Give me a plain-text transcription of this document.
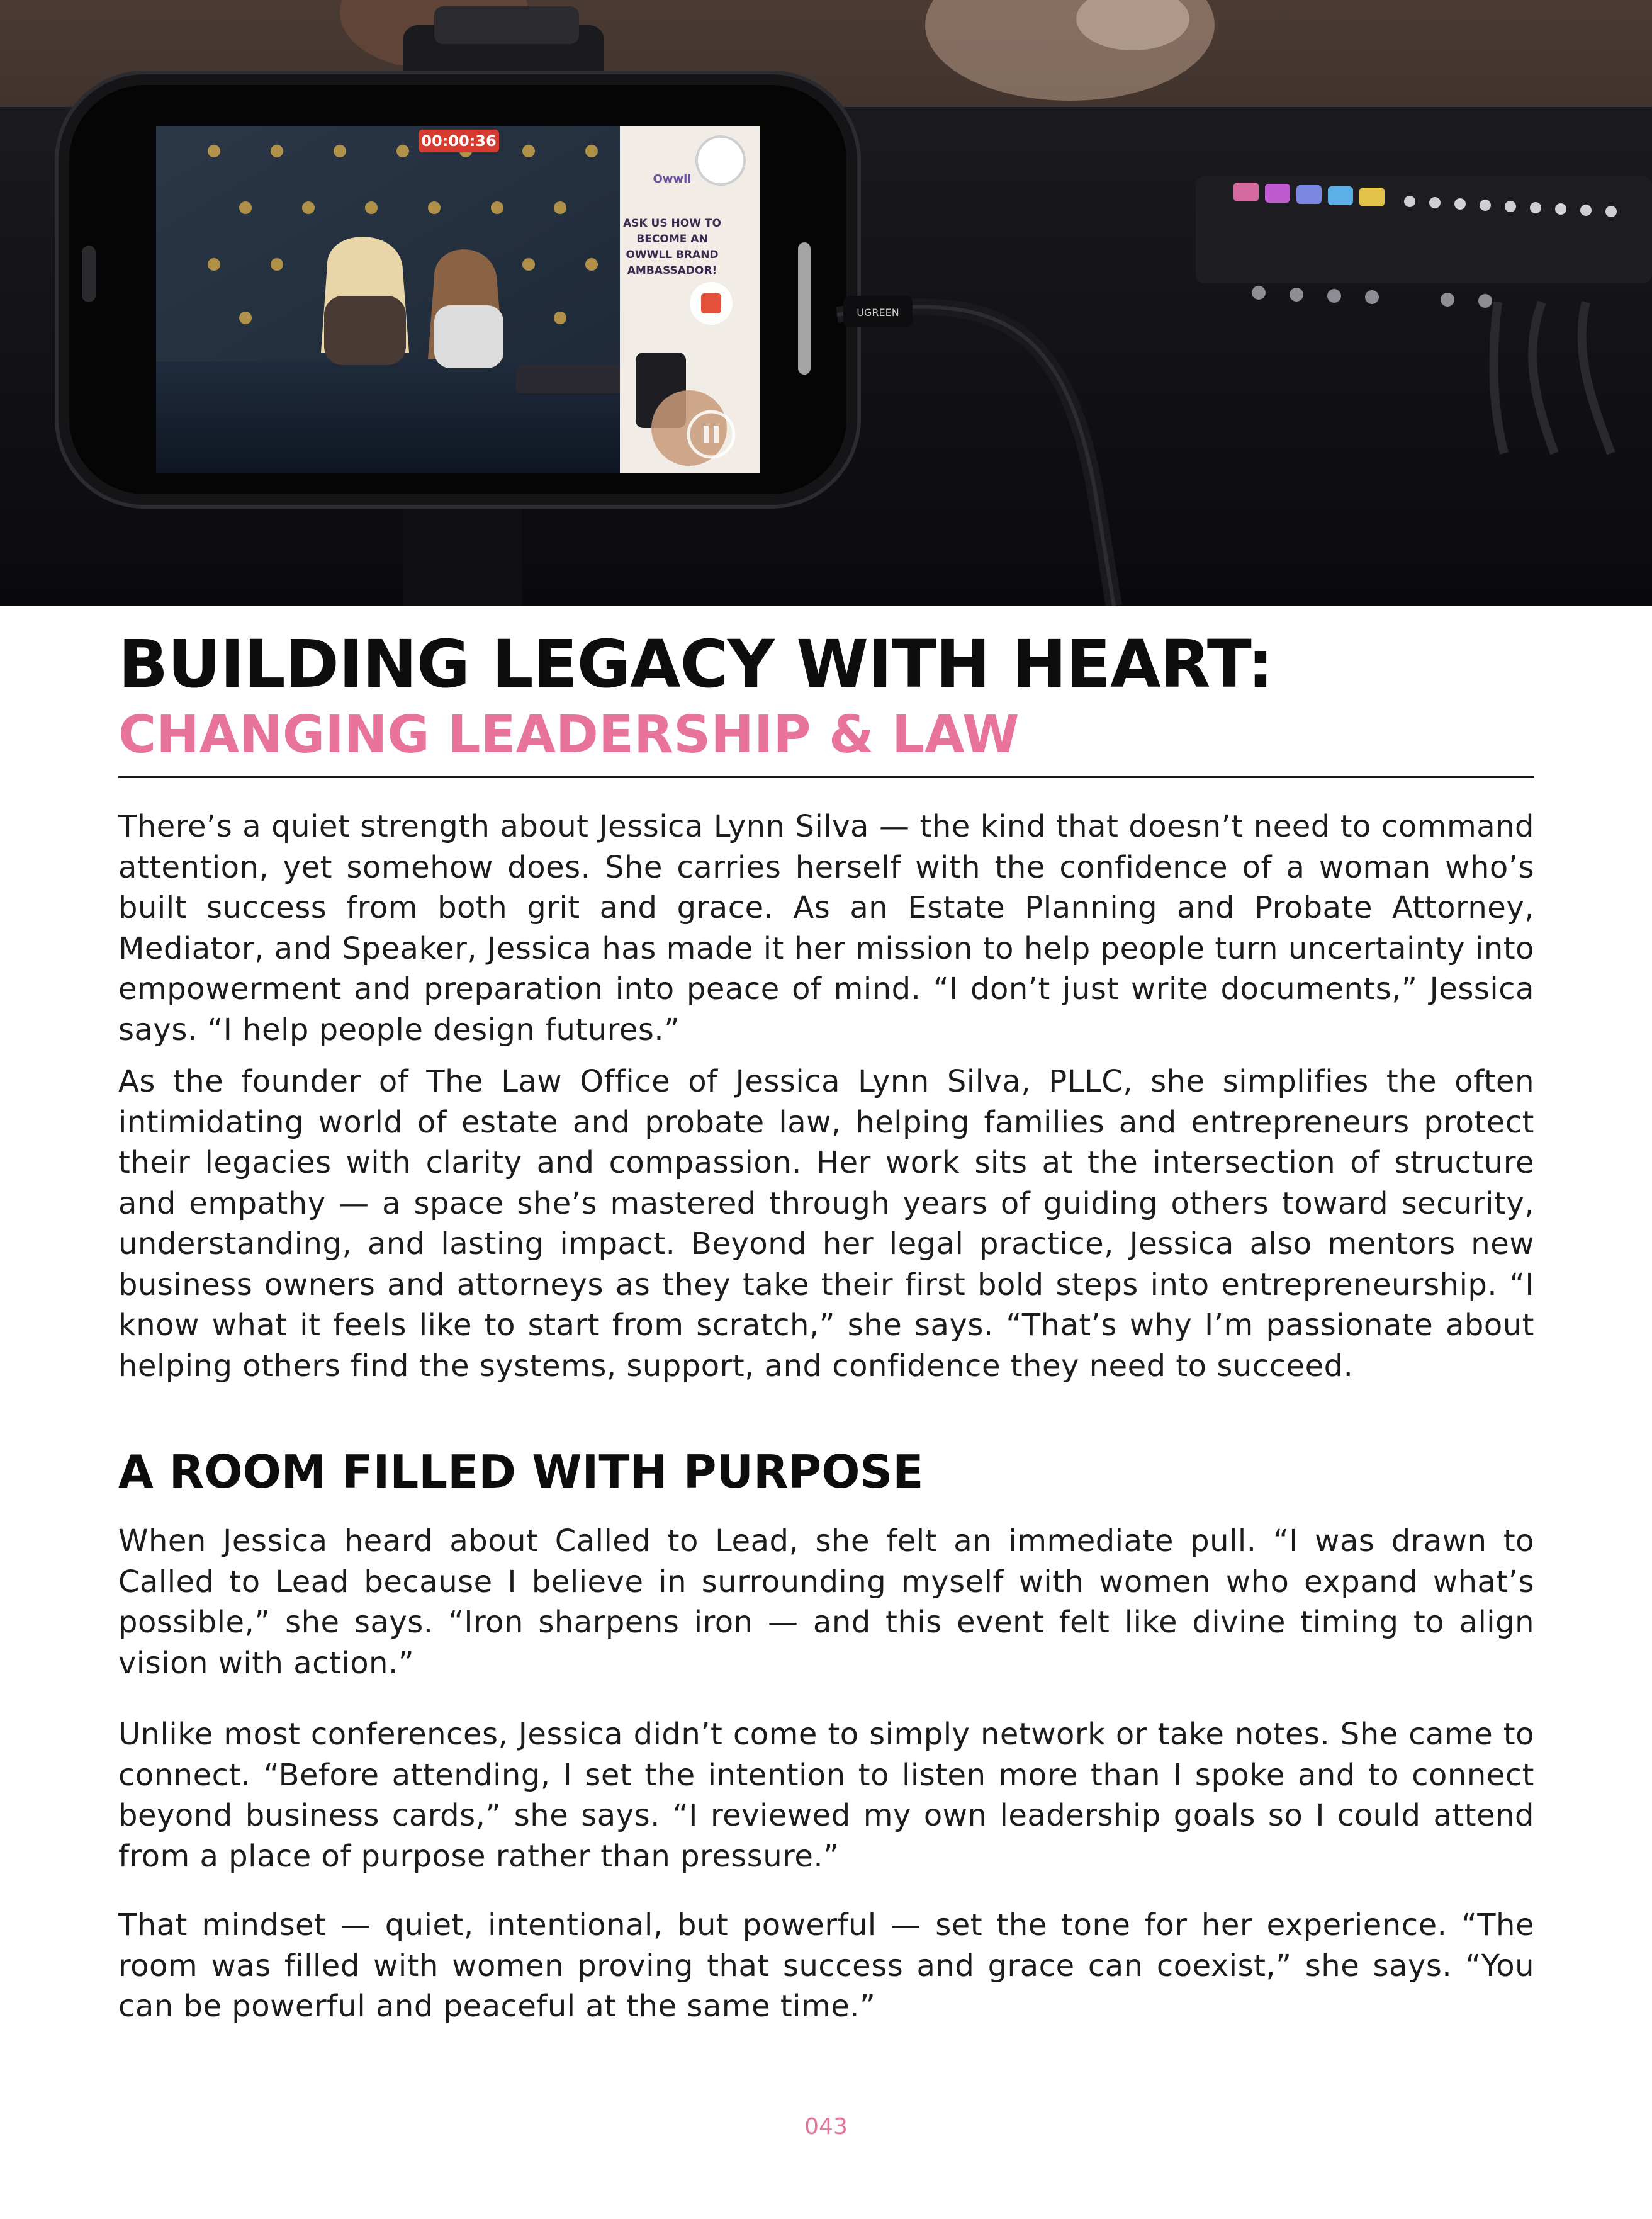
Owwll
ASK US HOW TO
BECOME AN
OWWLL BRAND
AMBASSADOR!
00:00:36
UGREEN
BUILDING LEGACY WITH HEART:
CHANGING LEADERSHIP & LAW

There’s a quiet strength about Jessica Lynn Silva — the kind that doesn’t need to command attention, yet somehow does. She carries herself with the confidence of a woman who’s built success from both grit and grace. As an Estate Planning and Probate Attorney, Mediator, and Speaker, Jessica has made it her mission to help people turn uncertainty into empowerment and preparation into peace of mind. “I don’t just write documents,” Jessica says. “I help people design futures.”

As the founder of The Law Office of Jessica Lynn Silva, PLLC, she simplifies the often intimidating world of estate and probate law, helping families and entrepreneurs protect their legacies with clarity and compassion. Her work sits at the intersection of structure and empathy — a space she’s mastered through years of guiding others toward security, understanding, and lasting impact. Beyond her legal practice, Jessica also mentors new business owners and attorneys as they take their first bold steps into entrepreneurship. “I know what it feels like to start from scratch,” she says. “That’s why I’m passionate about helping others find the systems, support, and confidence they need to succeed.

A ROOM FILLED WITH PURPOSE

When Jessica heard about Called to Lead, she felt an immediate pull. “I was drawn to Called to Lead because I believe in surrounding myself with women who expand what’s possible,” she says. “Iron sharpens iron — and this event felt like divine timing to align vision with action.”

Unlike most conferences, Jessica didn’t come to simply network or take notes. She came to connect. “Before attending, I set the intention to listen more than I spoke and to connect beyond business cards,” she says. “I reviewed my own leadership goals so I could attend from a place of purpose rather than pressure.”

That mindset — quiet, intentional, but powerful — set the tone for her experience. “The room was filled with women proving that success and grace can coexist,” she says. “You can be powerful and peaceful at the same time.”

043
